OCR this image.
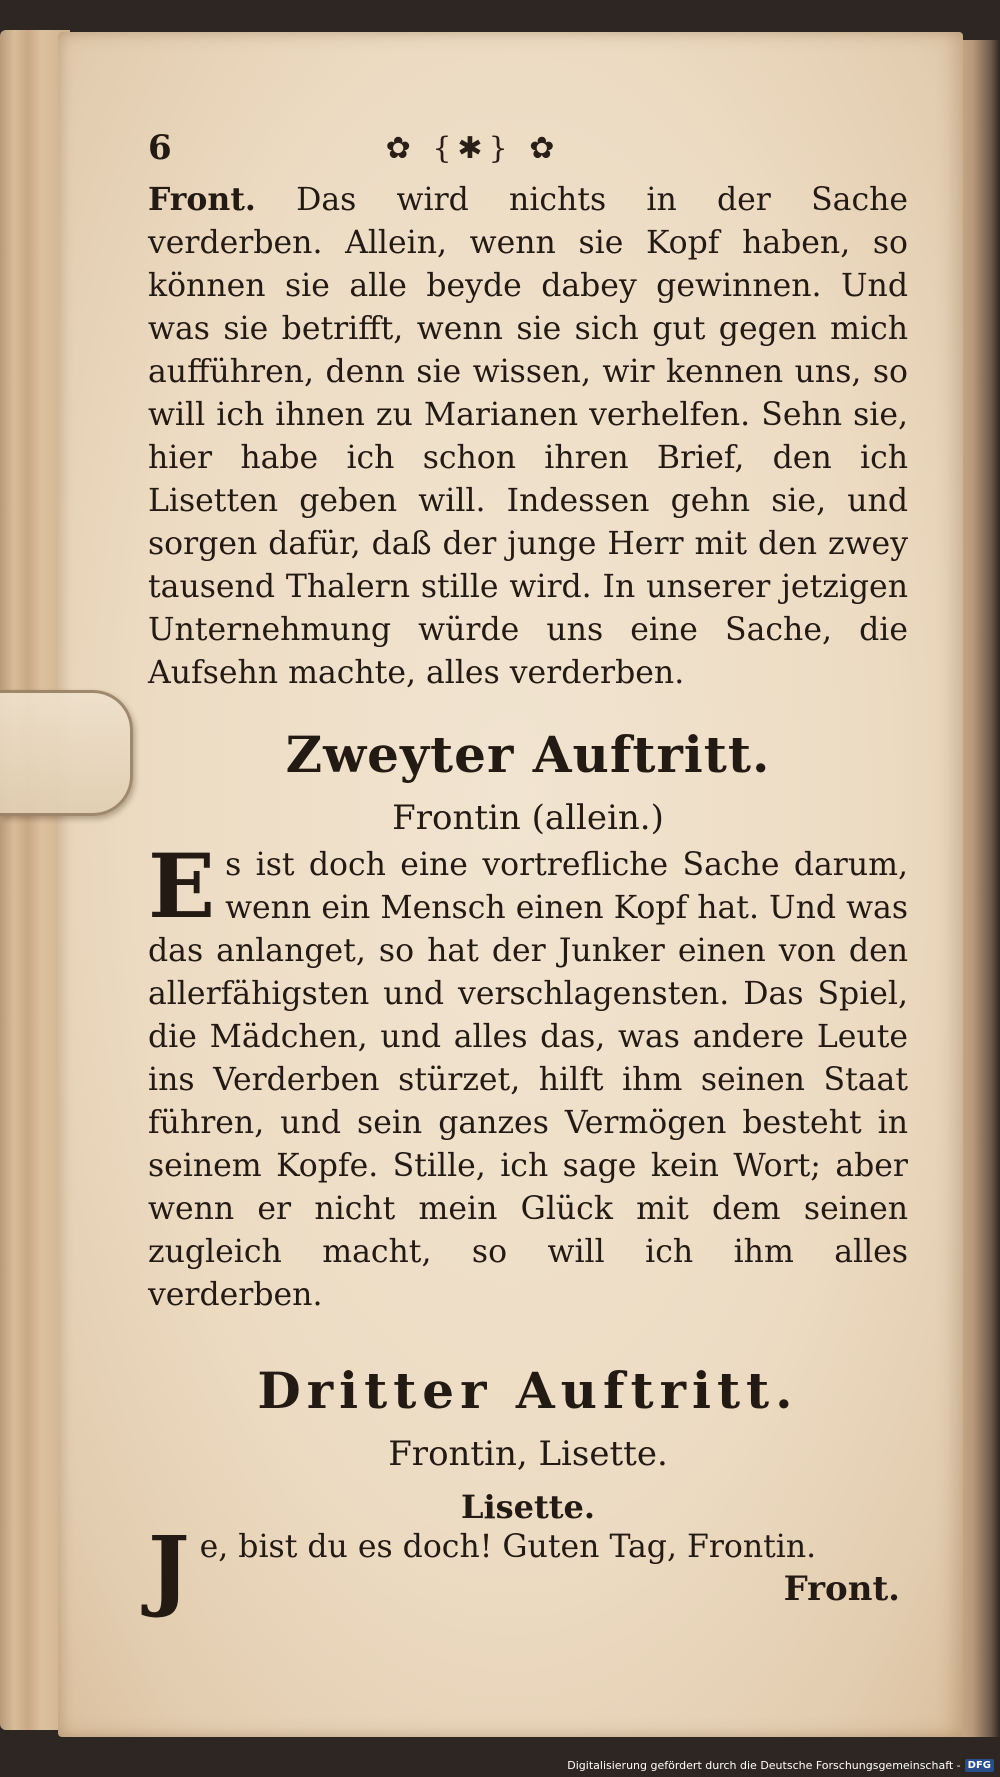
6	✿ {✱} ✿

Front. Das wird nichts in der Sache verderben. Allein, wenn sie Kopf haben, so können sie alle beyde dabey gewinnen. Und was sie betrifft, wenn sie sich gut gegen mich aufführen, denn sie wissen, wir kennen uns, so will ich ihnen zu Marianen verhelfen. Sehn sie, hier habe ich schon ihren Brief, den ich Lisetten geben will. Indessen gehn sie, und sorgen dafür, daß der junge Herr mit den zwey tausend Thalern stille wird. In unserer jetzigen Unternehmung würde uns eine Sache, die Aufsehn machte, alles verderben.

Zweyter Auftritt.
Frontin (allein.)

Es ist doch eine vortrefliche Sache darum, wenn ein Mensch einen Kopf hat. Und was das anlanget, so hat der Junker einen von den allerfähigsten und verschlagensten. Das Spiel, die Mädchen, und alles das, was andere Leute ins Verderben stürzet, hilft ihm seinen Staat führen, und sein ganzes Vermögen besteht in seinem Kopfe. Stille, ich sage kein Wort; aber wenn er nicht mein Glück mit dem seinen zugleich macht, so will ich ihm alles verderben.

Dritter Auftritt.
Frontin, Lisette.
Lisette.

Je, bist du es doch! Guten Tag, Frontin.

Front.
Digitalisierung gefördert durch die Deutsche Forschungsgemeinschaft - DFG
